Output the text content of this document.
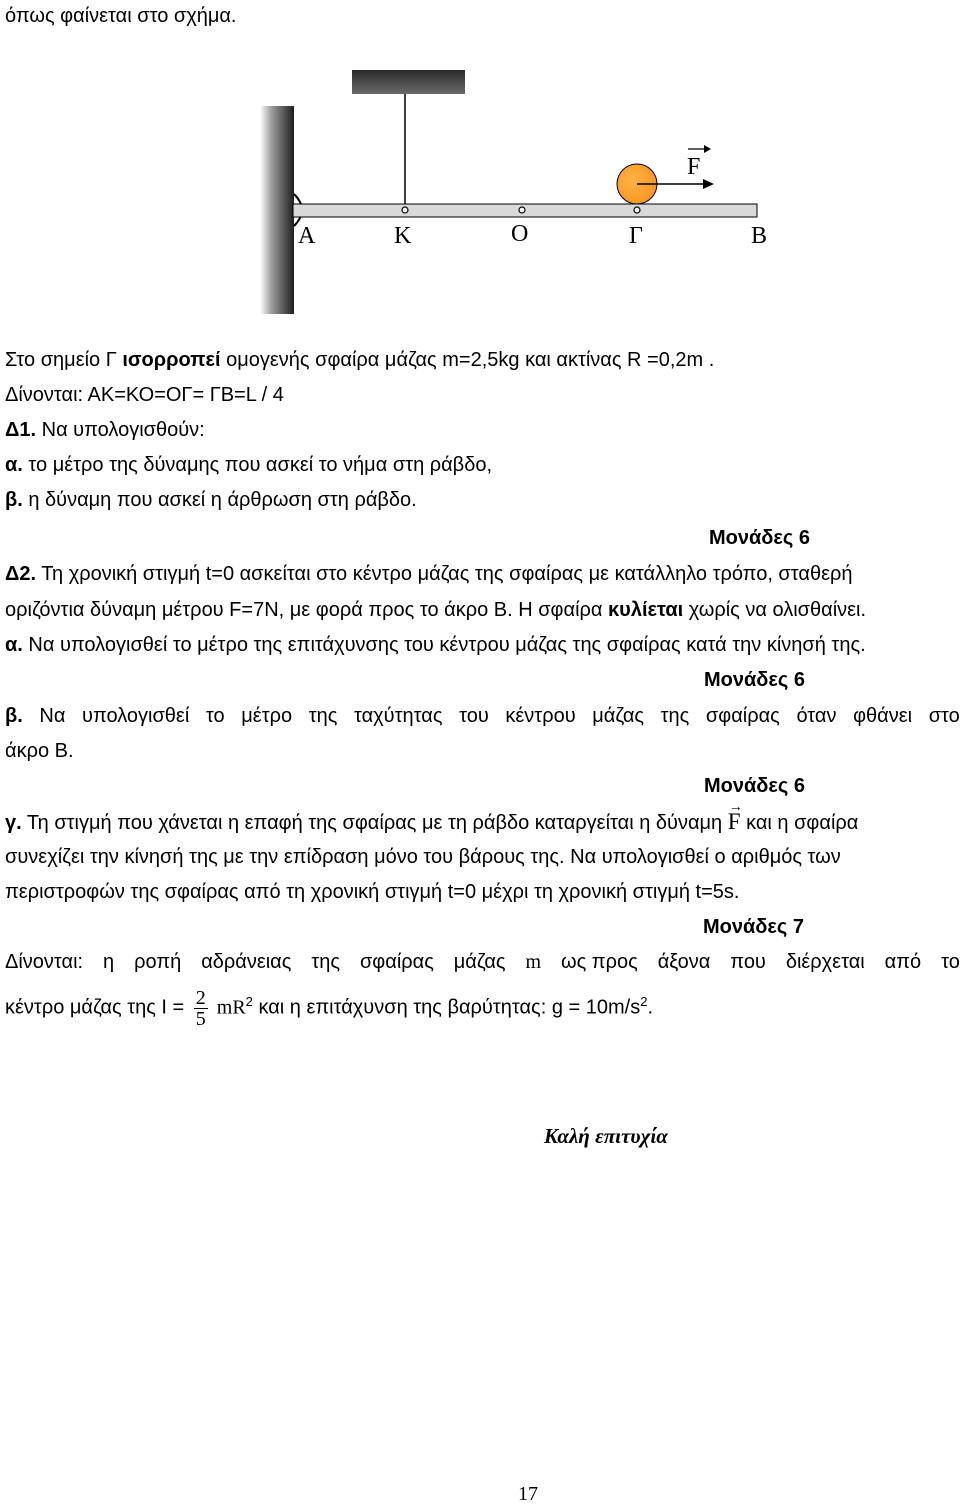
όπως φαίνεται στο σχήμα.
F
Α	Κ	Ο	Γ	Β
Στο σημείο Γ ισορροπεί ομογενής σφαίρα μάζας m=2,5kg και ακτίνας R =0,2m .
Δίνονται: ΑΚ=ΚΟ=ΟΓ= ΓΒ=L / 4
Δ1. Να υπολογισθούν:
α. το μέτρο της δύναμης που ασκεί το νήμα στη ράβδο,
β. η δύναμη που ασκεί η άρθρωση στη ράβδο.
Μονάδες 6
Δ2. Τη χρονική στιγμή t=0 ασκείται στο κέντρο μάζας της σφαίρας με κατάλληλο τρόπο, σταθερή
οριζόντια δύναμη μέτρου F=7N, με φορά προς το άκρο Β. Η σφαίρα κυλίεται χωρίς να ολισθαίνει.
α. Να υπολογισθεί το μέτρο της επιτάχυνσης του κέντρου μάζας της σφαίρας κατά την κίνησή της.
Μονάδες 6
β. Να υπολογισθεί το μέτρο της ταχύτητας του κέντρου μάζας της σφαίρας όταν φθάνει στο
άκρο Β.
Μονάδες 6
γ. Τη στιγμή που χάνεται η επαφή της σφαίρας με τη ράβδο καταργείται η δύναμη
→
F και η σφαίρα
συνεχίζει την κίνησή της με την επίδραση μόνο του βάρους της. Να υπολογισθεί ο αριθμός των
περιστροφών της σφαίρας από τη χρονική στιγμή t=0 μέχρι τη χρονική στιγμή t=5s.
Μονάδες 7
Δίνονται: η ροπή αδράνειας της σφαίρας μάζας m ως προς άξονα που διέρχεται από το
κέντρο μάζας της $I = \frac{2}{5} mR^2$ και η επιτάχυνση της βαρύτητας: $g = 10m/s^2$.
Καλή επιτυχία
17
